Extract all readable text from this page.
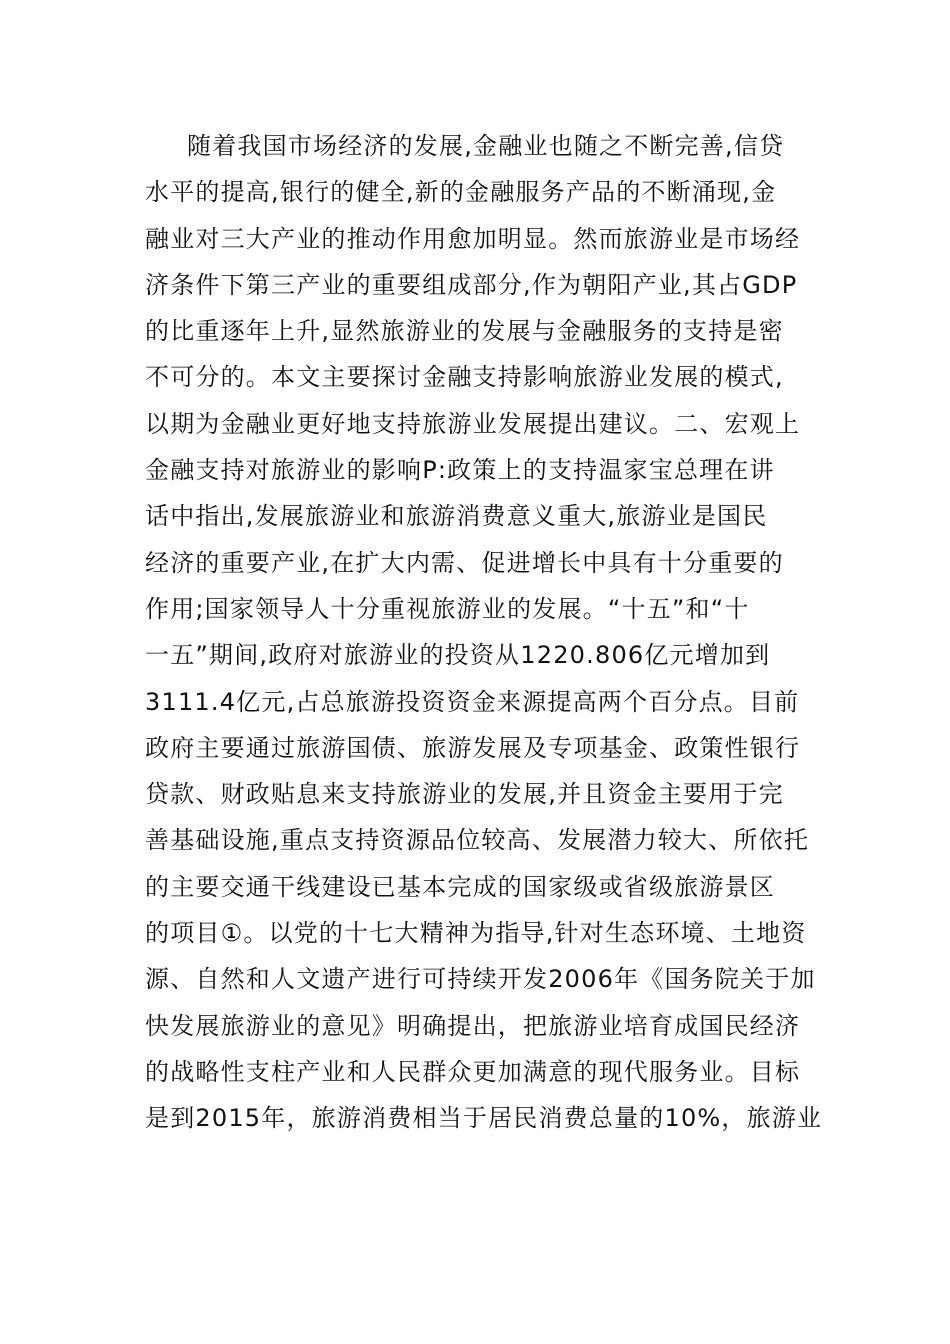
随着我国市场经济的发展,金融业也随之不断完善,信贷
水平的提高,银行的健全,新的金融服务产品的不断涌现,金
融业对三大产业的推动作用愈加明显。然而旅游业是市场经
济条件下第三产业的重要组成部分,作为朝阳产业,其占GDP
的比重逐年上升,显然旅游业的发展与金融服务的支持是密
不可分的。本文主要探讨金融支持影响旅游业发展的模式,
以期为金融业更好地支持旅游业发展提出建议。二、宏观上
金融支持对旅游业的影响P:政策上的支持温家宝总理在讲
话中指出,发展旅游业和旅游消费意义重大,旅游业是国民
经济的重要产业,在扩大内需、促进增长中具有十分重要的
作用;国家领导人十分重视旅游业的发展。“十五”和“十
一五”期间,政府对旅游业的投资从1220.806亿元增加到
3111.4亿元,占总旅游投资资金来源提高两个百分点。目前
政府主要通过旅游国债、旅游发展及专项基金、政策性银行
贷款、财政贴息来支持旅游业的发展,并且资金主要用于完
善基础设施,重点支持资源品位较高、发展潜力较大、所依托
的主要交通干线建设已基本完成的国家级或省级旅游景区
的项目①。以党的十七大精神为指导,针对生态环境、土地资
源、自然和人文遗产进行可持续开发2006年《国务院关于加
快发展旅游业的意见》明确提出，把旅游业培育成国民经济
的战略性支柱产业和人民群众更加满意的现代服务业。目标
是到2015年，旅游消费相当于居民消费总量的10%，旅游业
